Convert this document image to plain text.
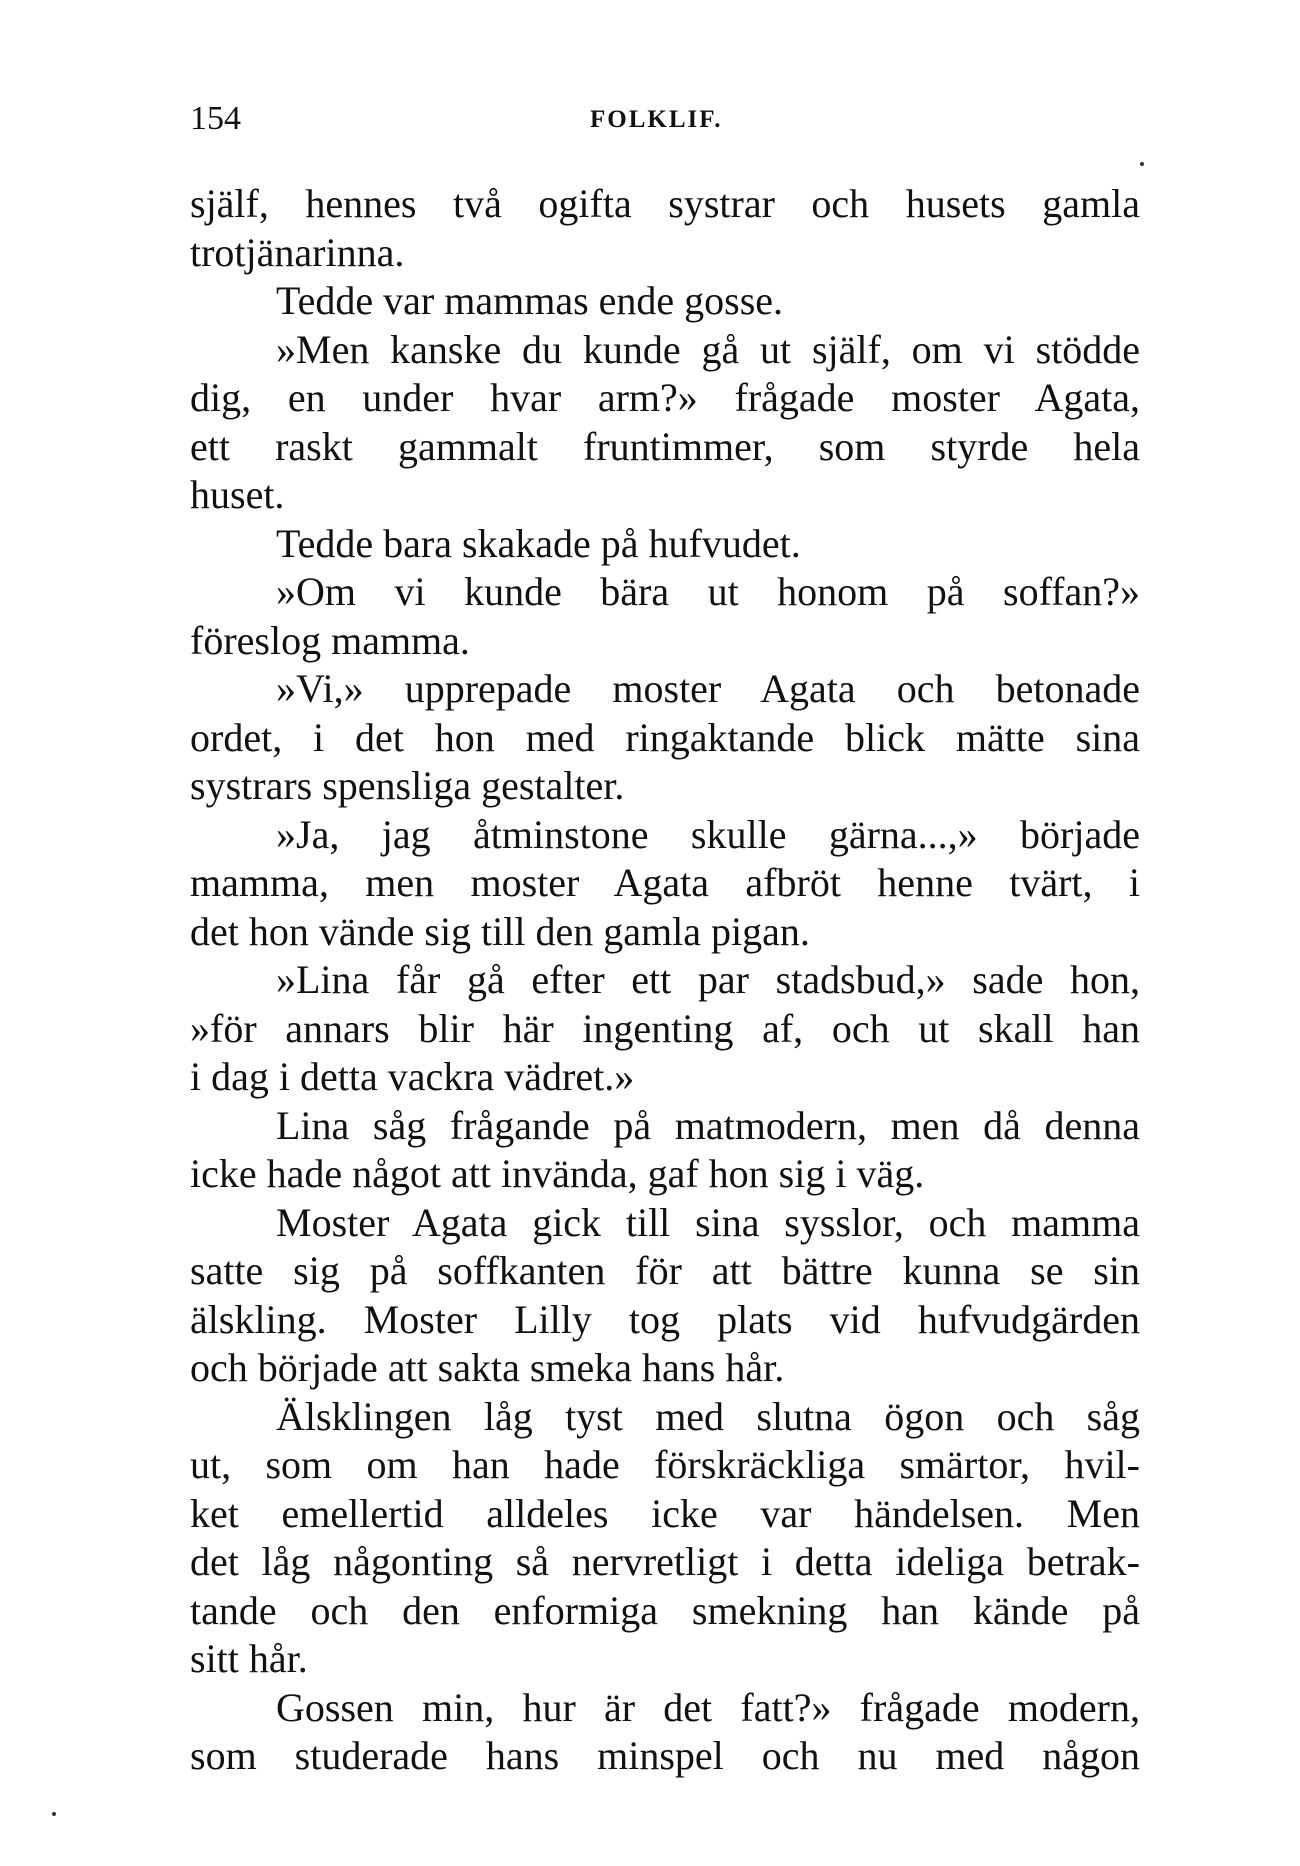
154	FOLKLIF.
själf, hennes två ogifta systrar och husets gamla
trotjänarinna.
Tedde var mammas ende gosse.
»Men kanske du kunde gå ut själf, om vi stödde
dig, en under hvar arm?» frågade moster Agata,
ett raskt gammalt fruntimmer, som styrde hela
huset.
Tedde bara skakade på hufvudet.
»Om vi kunde bära ut honom på soffan?»
föreslog mamma.
»Vi,» upprepade moster Agata och betonade
ordet, i det hon med ringaktande blick mätte sina
systrars spensliga gestalter.
»Ja, jag åtminstone skulle gärna...,» började
mamma, men moster Agata afbröt henne tvärt, i
det hon vände sig till den gamla pigan.
»Lina får gå efter ett par stadsbud,» sade hon,
»för annars blir här ingenting af, och ut skall han
i dag i detta vackra vädret.»
Lina såg frågande på matmodern, men då denna
icke hade något att invända, gaf hon sig i väg.
Moster Agata gick till sina sysslor, och mamma
satte sig på soffkanten för att bättre kunna se sin
älskling. Moster Lilly tog plats vid hufvudgärden
och började att sakta smeka hans hår.
Älsklingen låg tyst med slutna ögon och såg
ut, som om han hade förskräckliga smärtor, hvil-
ket emellertid alldeles icke var händelsen. Men
det låg någonting så nervretligt i detta ideliga betrak-
tande och den enformiga smekning han kände på
sitt hår.
Gossen min, hur är det fatt?» frågade modern,
som studerade hans minspel och nu med någon
